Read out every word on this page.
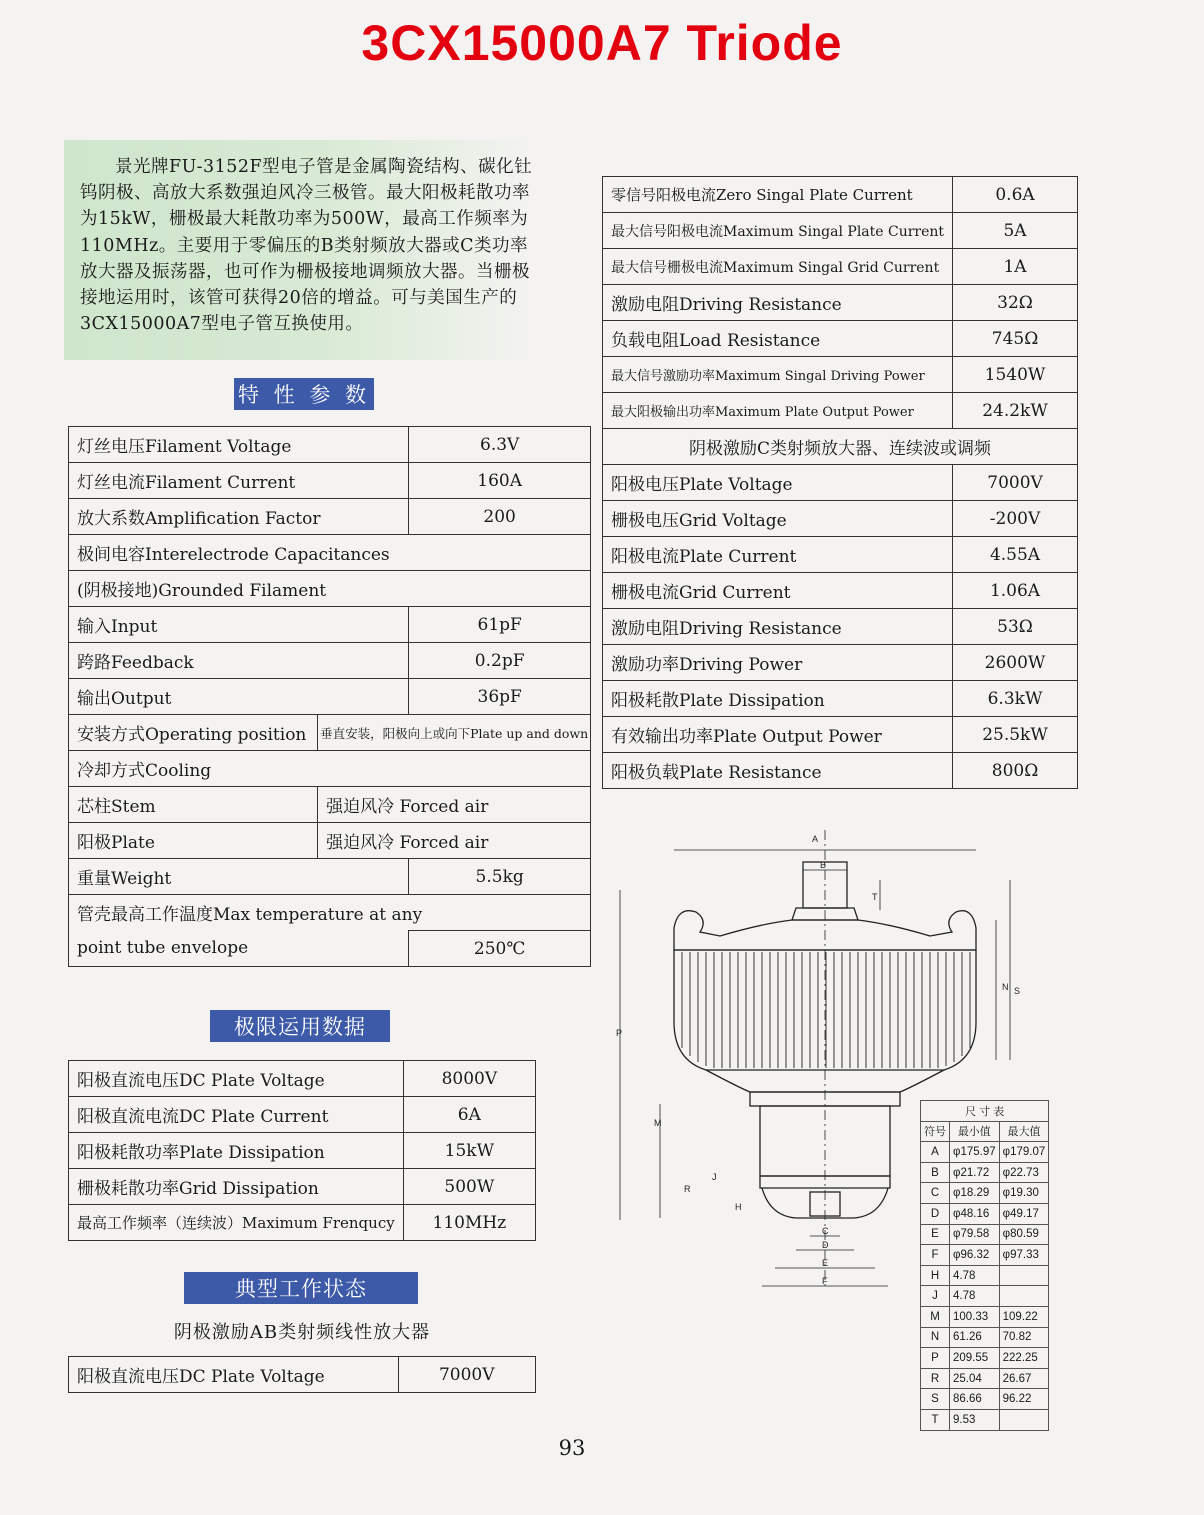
3CX15000A7 Triode

景光牌FU-3152F型电子管是金属陶瓷结构、碳化钍钨阴极、高放大系数强迫风冷三极管。最大阳极耗散功率为15kW，栅极最大耗散功率为500W，最高工作频率为110MHz。主要用于零偏压的B类射频放大器或C类功率放大器及振荡器，也可作为栅极接地调频放大器。当栅极接地运用时，该管可获得20倍的增益。可与美国生产的3CX15000A7型电子管互换使用。

特 性 参 数
灯丝电压Filament Voltage		6.3V
灯丝电流Filament Current		160A
放大系数Amplification Factor		200
极间电容Interelectrode Capacitances		
(阴极接地)Grounded Filament		
输入Input		61pF
跨路Feedback		0.2pF
输出Output		36pF
安装方式Operating position	垂直安装，阳极向上或向下Plate up and down	
冷却方式Cooling		
芯柱Stem	强迫风冷 Forced air	
阳极Plate	强迫风冷 Forced air	
重量Weight		5.5kg
管壳最高工作温度Max temperature at any		
point tube envelope		250℃
极限运用数据
阳极直流电压DC Plate Voltage	8000V
阳极直流电流DC Plate Current	6A
阳极耗散功率Plate Dissipation	15kW
栅极耗散功率Grid Dissipation	500W
最高工作频率（连续波）Maximum Frenqucy	110MHz
典型工作状态
阴极激励AB类射频线性放大器
阳极直流电压DC Plate Voltage	7000V
零信号阳极电流Zero Singal Plate Current	0.6A
最大信号阳极电流Maximum Singal Plate Current	5A
最大信号栅极电流Maximum Singal Grid Current	1A
激励电阻Driving Resistance	32Ω
负载电阻Load Resistance	745Ω
最大信号激励功率Maximum Singal Driving Power	1540W
最大阳极输出功率Maximum Plate Output Power	24.2kW
阴极激励C类射频放大器、连续波或调频	
阳极电压Plate Voltage	7000V
栅极电压Grid Voltage	-200V
阳极电流Plate Current	4.55A
栅极电流Grid Current	1.06A
激励电阻Driving Resistance	53Ω
激励功率Driving Power	2600W
阳极耗散Plate Dissipation	6.3kW
有效输出功率Plate Output Power	25.5kW
阳极负载Plate Resistance	800Ω
A
B
C
D
E
F
H
J
M
N
P
R
S
T
尺 寸 表		
符号	最小值	最大值
A	φ175.97	φ179.07
B	φ21.72	φ22.73
C	φ18.29	φ19.30
D	φ48.16	φ49.17
E	φ79.58	φ80.59
F	φ96.32	φ97.33
H	4.78	
J	4.78	
M	100.33	109.22
N	61.26	70.82
P	209.55	222.25
R	25.04	26.67
S	86.66	96.22
T	9.53	
93
